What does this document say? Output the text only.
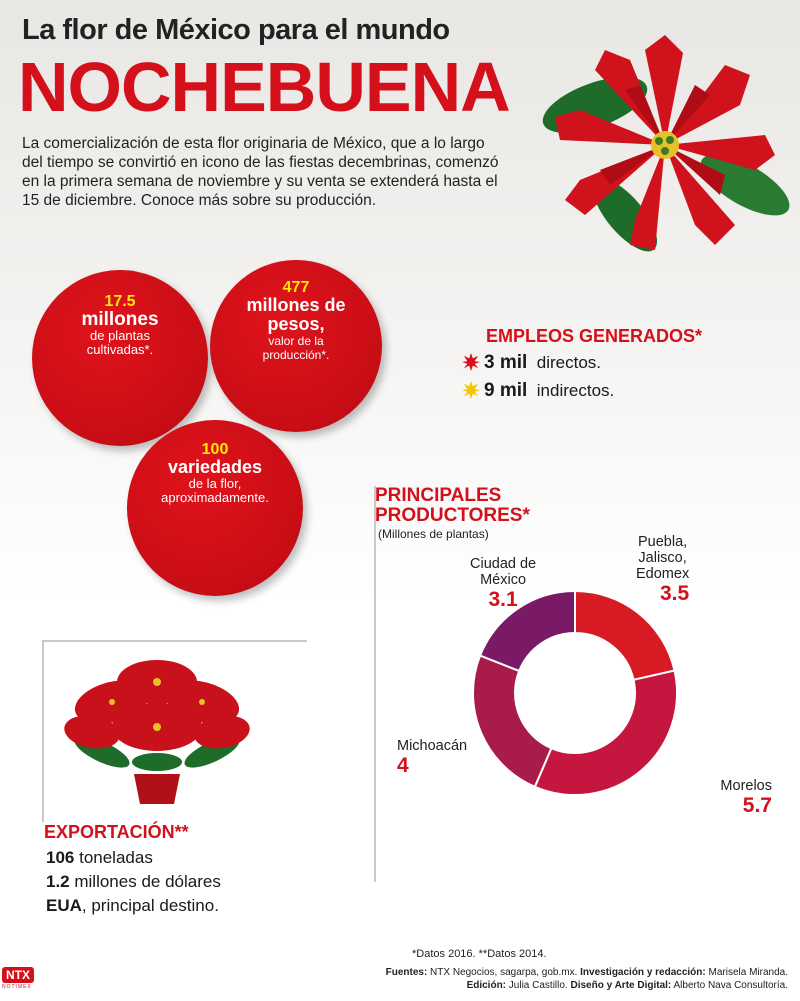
La flor de México para el mundo
NOCHEBUENA
La comercialización de esta flor originaria de México, que a lo largo del tiempo se convirtió en icono de las fiestas decembrinas, comenzó en la primera semana de noviembre y su venta se extenderá hasta el 15 de diciembre. Conoce más sobre su producción.
17.5
millones
de plantas
cultivadas*.
477
millones de
pesos,
valor de la
producción*.
100
variedades
de la flor,
aproximadamente.
EMPLEOS GENERADOS*
3 mil directos.
9 mil indirectos.
PRINCIPALES PRODUCTORES*
(Millones de plantas)	Puebla,
Jalisco,
Edomex
3.5
Ciudad de
México
3.1
Michoacán
4
Morelos
5.7
EXPORTACIÓN**
106 toneladas
1.2 millones de dólares
EUA, principal destino.
*Datos 2016. **Datos 2014.
Fuentes: NTX Negocios, sagarpa, gob.mx. Investigación y redacción: Marisela Miranda.
Edición: Julia Castillo. Diseño y Arte Digital: Alberto Nava Consultoría.
NTX
NOTIMEX
